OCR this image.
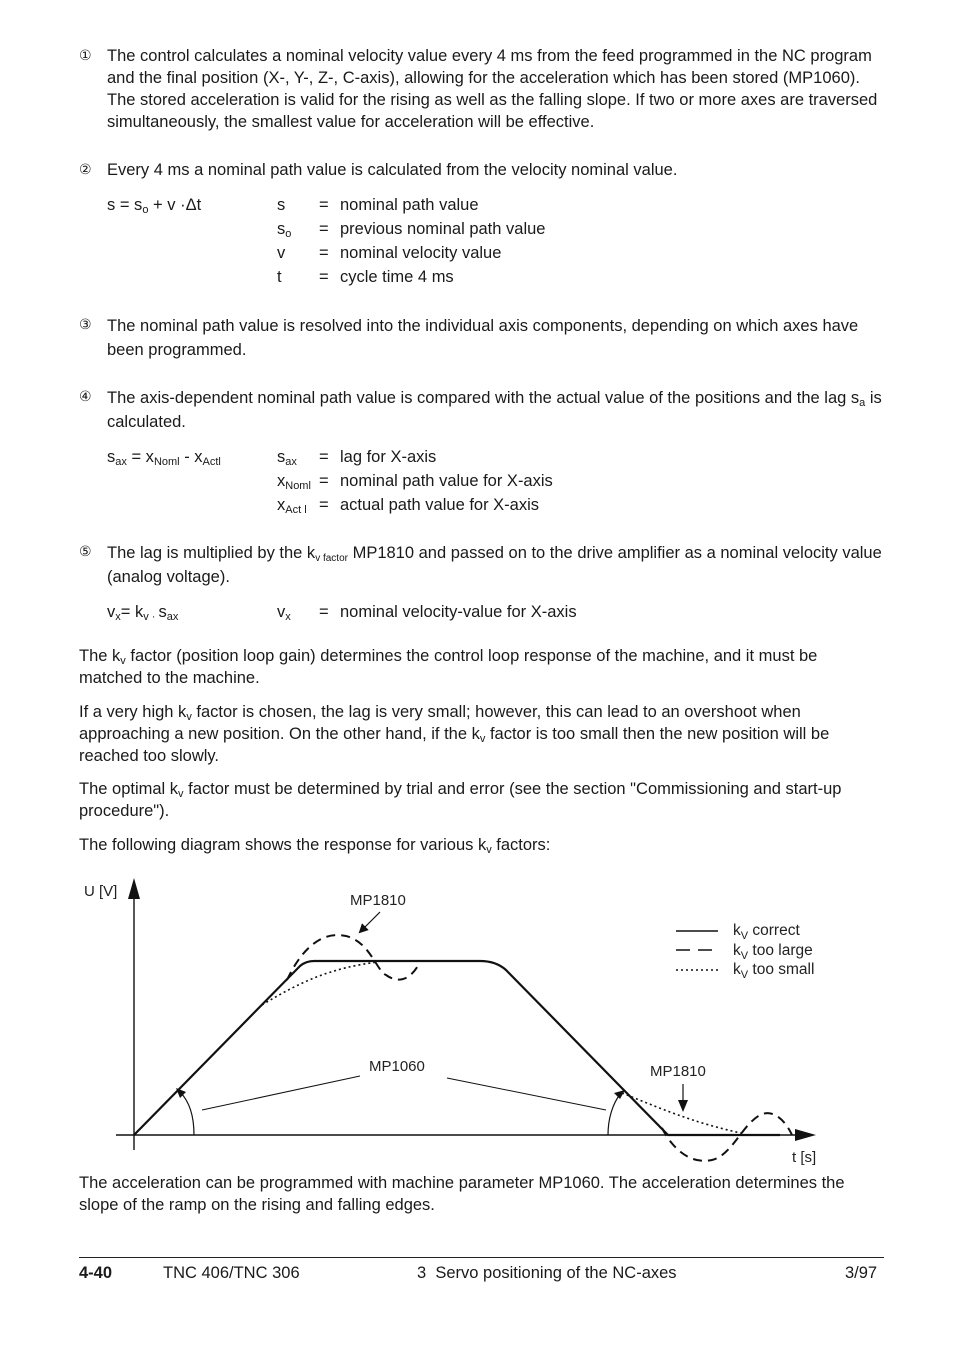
① The control calculates a nominal velocity value every 4 ms from the feed programmed in the NC program and the final position (X-, Y-, Z-, C-axis), allowing for the acceleration which has been stored (MP1060). The stored acceleration is valid for the rising as well as the falling slope. If two or more axes are traversed simultaneously, the smallest value for acceleration will be effective.
② Every 4 ms a nominal path value is calculated from the velocity nominal value.
$s = s_o + v \cdot\Delta t$	s = nominal path value
$s_o$ = previous nominal path value
v = nominal velocity value
t = cycle time 4 ms
③ The nominal path value is resolved into the individual axis components, depending on which axes have been programmed.
④ The axis-dependent nominal path value is compared with the actual value of the positions and the lag $s_a$ is calculated.
$s_{ax} = x_{Noml} - x_{Actl}$	$s_{ax}$ = lag for X-axis
$x_{Noml}$ = nominal path value for X-axis
$x_{Act l}$ = actual path value for X-axis
⑤ The lag is multiplied by the $k_{v factor}$ MP1810 and passed on to the drive amplifier as a nominal velocity value (analog voltage).
$v_x= k_{v \cdot}$ $s_{ax}$	$v_x$ = nominal velocity-value for X-axis
The $k_v$ factor (position loop gain) determines the control loop response of the machine, and it must be matched to the machine.
If a very high $k_v$ factor is chosen, the lag is very small; however, this can lead to an overshoot when approaching a new position. On the other hand, if the $k_v$ factor is too small then the new position will be reached too slowly.
The optimal $k_v$ factor must be determined by trial and error (see the section "Commissioning and start-up procedure").
The following diagram shows the response for various $k_v$ factors:
U [V]
t [s]
MP1810
MP1060	MP1810
$k_V$ correct
$k_V$ too large
$k_V$ too small
The acceleration can be programmed with machine parameter MP1060. The acceleration determines the slope of the ramp on the rising and falling edges.
4-40	TNC 406/TNC 306	3  Servo positioning of the NC-axes	3/97
